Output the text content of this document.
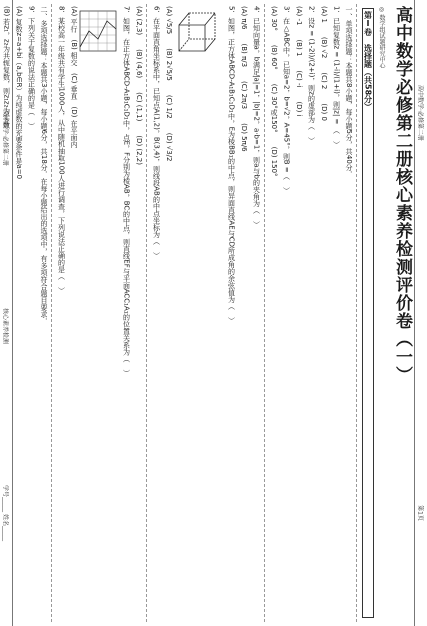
高中数学·必修第二册
核心素养检测
学号_____ 姓名_____
高中数学·必修第二册
第1页

高中数学必修第二册核心素养检测评价卷（一）

◎ 数学组试题研究中心

第Ⅰ卷　选择题（共58分）

一、单项选择题：本题共8小题，每小题5分，共40分．

1．已知复数z = (1-i)/(1+i)，则|z| = （　）

(A) 1　　(B) √2　　(C) 2　　(D) 0

2．设z = (1-2i)/(2+i)，则z的虚部为（　）

(A) -1　　(B) 1　　(C) -i　　(D) i

3．在△ABC中，已知a=2，b=√2，A=45°，则B =（　）

(A) 30°　　(B) 60°　　(C) 30°或150°　　(D) 150°

4．已知向量a，b满足|a|=1，|b|=2，a·b=1，则a与b的夹角为（　）

(A) π/6　　(B) π/3　　(C) 2π/3　　(D) 5π/6

5．如图，正方体ABCD-A₁B₁C₁D₁中，E为棱BB₁的中点，则异面直线AE与CD所成角的余弦值为（　）

(A) √5/5　　(B) 2√5/5　　(C) 1/2　　(D) √3/2

6．在平面直角坐标系中，已知点A(1,2)，B(3,4)，则线段AB的中点坐标为（　）

(A) (2,3)　　(B) (4,6)　　(C) (1,1)　　(D) (2,2)

7．如图，在正方体ABCD-A₁B₁C₁D₁中，点E，F分别为棱AB，BC的中点，则直线EF与平面ACC₁A₁的位置关系为（　）

(A) 平行　(B) 相交　(C) 垂直　(D) 在平面内

8．某校高一年级共有学生1000人，从中随机抽取100人进行调查，下列说法正确的是（　）

二、多项选择题：本题共3小题，每小题6分，共18分．在每小题给出的选项中，有多项符合题目要求．

9．下列关于复数的说法正确的是（　）

(A) 复数z=a+bi（a,b∈R）为纯虚数的充要条件是a=0

(B) 若z₁，z₂为共轭复数，则z₁z₂为实数
